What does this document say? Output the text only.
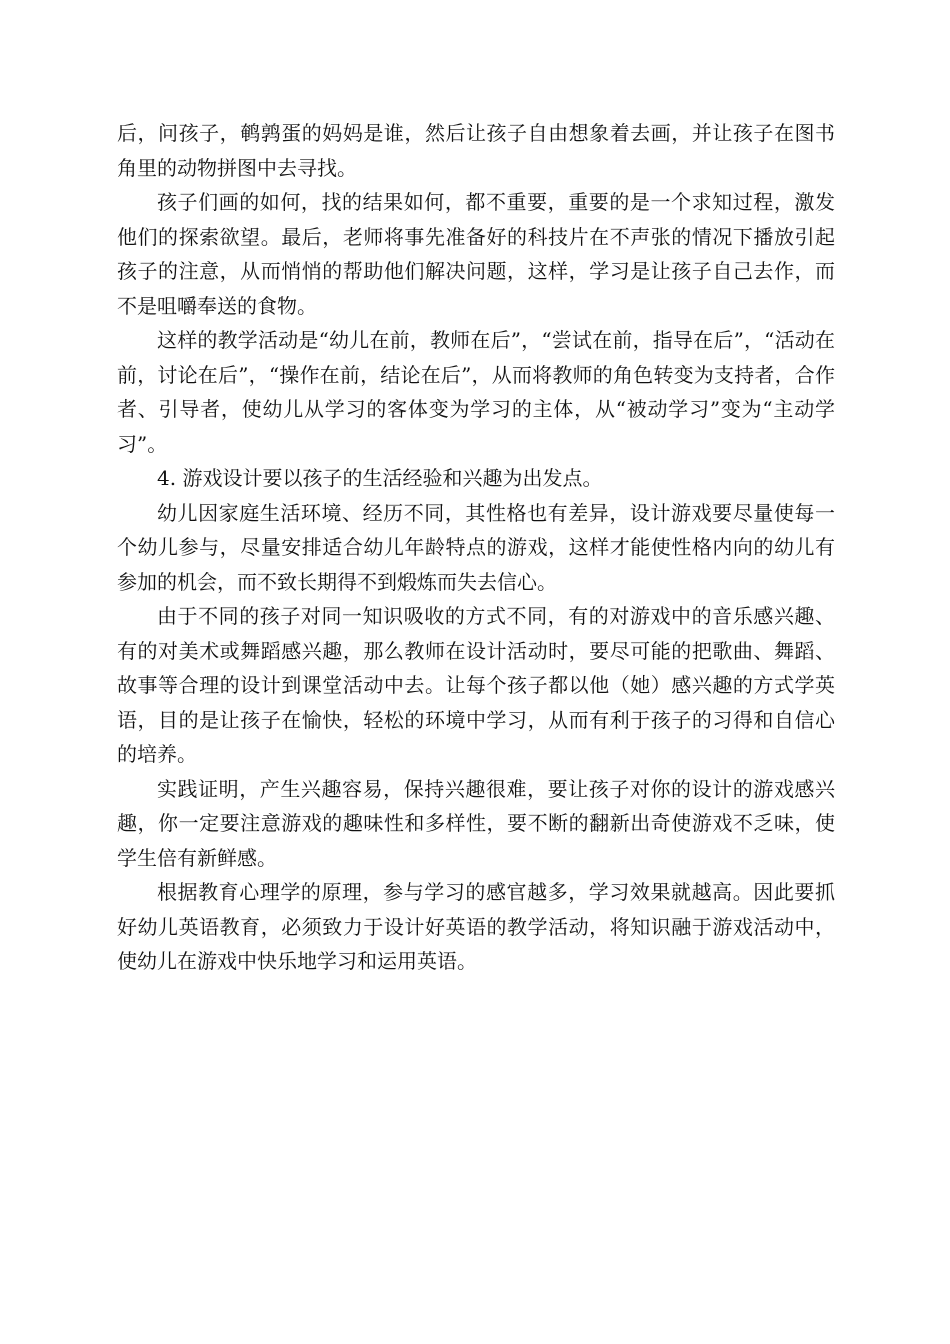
后，问孩子，鹌鹑蛋的妈妈是谁，然后让孩子自由想象着去画，并让孩子在图书角里的动物拼图中去寻找。

孩子们画的如何，找的结果如何，都不重要，重要的是一个求知过程，激发他们的探索欲望。最后，老师将事先准备好的科技片在不声张的情况下播放引起孩子的注意，从而悄悄的帮助他们解决问题，这样，学习是让孩子自己去作，而不是咀嚼奉送的食物。

这样的教学活动是“幼儿在前，教师在后”，“尝试在前，指导在后”，“活动在前，讨论在后”，“操作在前，结论在后”，从而将教师的角色转变为支持者，合作者、引导者，使幼儿从学习的客体变为学习的主体，从“被动学习”变为“主动学习”。

4. 游戏设计要以孩子的生活经验和兴趣为出发点。

幼儿因家庭生活环境、经历不同，其性格也有差异，设计游戏要尽量使每一个幼儿参与，尽量安排适合幼儿年龄特点的游戏，这样才能使性格内向的幼儿有参加的机会，而不致长期得不到煅炼而失去信心。

由于不同的孩子对同一知识吸收的方式不同，有的对游戏中的音乐感兴趣、有的对美术或舞蹈感兴趣，那么教师在设计活动时，要尽可能的把歌曲、舞蹈、故事等合理的设计到课堂活动中去。让每个孩子都以他（她）感兴趣的方式学英语，目的是让孩子在愉快，轻松的环境中学习，从而有利于孩子的习得和自信心的培养。

实践证明，产生兴趣容易，保持兴趣很难，要让孩子对你的设计的游戏感兴趣，你一定要注意游戏的趣味性和多样性，要不断的翻新出奇使游戏不乏味，使学生倍有新鲜感。

根据教育心理学的原理，参与学习的感官越多，学习效果就越高。因此要抓好幼儿英语教育，必须致力于设计好英语的教学活动，将知识融于游戏活动中，使幼儿在游戏中快乐地学习和运用英语。
